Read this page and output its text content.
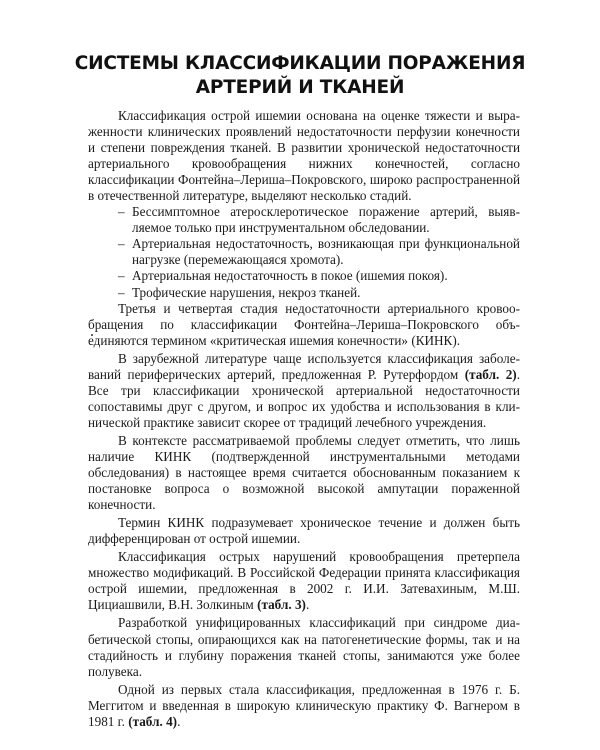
СИСТЕМЫ КЛАССИФИКАЦИИ ПОРАЖЕНИЯ
АРТЕРИЙ И ТКАНЕЙ

Классификация острой ишемии основана на оценке тяжести и выраженности клинических проявлений недостаточности перфузии конечности и степени повреждения тканей. В развитии хронической недостаточности артериального кровообращения нижних конечностей, согласно классификации Фонтейна–Лериша–Покровского, широко распространенной в отечественной литературе, выделяют несколько стадий.

– Бессимптомное атеросклеротическое поражение артерий, выявляемое только при инструментальном обследовании.
– Артериальная недостаточность, возникающая при функциональной нагрузке (перемежающаяся хромота).
– Артериальная недостаточность в покое (ишемия покоя).
– Трофические нарушения, некроз тканей.

Третья и четвертая стадия недостаточности артериального кровообращения по классификации Фонтейна–Лериша–Покровского объединяются термином «критическая ишемия конечности» (КИНК).

В зарубежной литературе чаще используется классификация заболеваний периферических артерий, предложенная Р. Рутерфордом (табл. 2). Все три классификации хронической артериальной недостаточности сопоставимы друг с другом, и вопрос их удобства и использования в клинической практике зависит скорее от традиций лечебного учреждения.

В контексте рассматриваемой проблемы следует отметить, что лишь наличие КИНК (подтвержденной инструментальными методами обследования) в настоящее время считается обоснованным показанием к постановке вопроса о возможной высокой ампутации пораженной конечности.

Термин КИНК подразумевает хроническое течение и должен быть дифференцирован от острой ишемии.

Классификация острых нарушений кровообращения претерпела множество модификаций. В Российской Федерации принята классификация острой ишемии, предложенная в 2002 г. И.И. Затевахиным, М.Ш. Цициашвили, В.Н. Золкиным (табл. 3).

Разработкой унифицированных классификаций при синдроме диабетической стопы, опирающихся как на патогенетические формы, так и на стадийность и глубину поражения тканей стопы, занимаются уже более полувека.

Одной из первых стала классификация, предложенная в 1976 г. Б. Меггитом и введенная в широкую клиническую практику Ф. Вагнером в 1981 г. (табл. 4).
